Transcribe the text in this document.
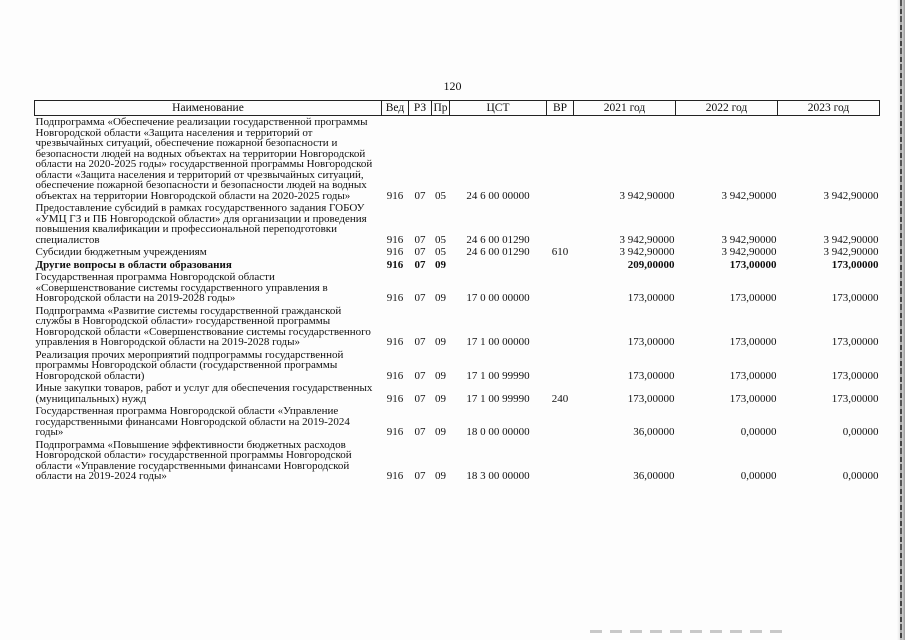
120
Наименование	Вед	РЗ	Пр	ЦСТ	ВР	2021 год	2022 год	2023 год
Подпрограмма «Обеспечение реализации государственной программы Новгородской области «Защита населения и территорий от чрезвычайных ситуаций, обеспечение пожарной безопасности и безопасности людей на водных объектах на территории Новгородской области на 2020-2025 годы» государственной программы Новгородской области «Защита населения и территорий от чрезвычайных ситуаций, обеспечение пожарной безопасности и безопасности людей на водных объектах на территории Новгородской области на 2020-2025 годы»	916	07	05	24 6 00 00000		3 942,90000	3 942,90000	3 942,90000
Предоставление субсидий в рамках государственного задания ГОБОУ «УМЦ ГЗ и ПБ Новгородской области» для организации и проведения повышения квалификации и профессиональной переподготовки специалистов	916	07	05	24 6 00 01290		3 942,90000	3 942,90000	3 942,90000
Субсидии бюджетным учреждениям	916	07	05	24 6 00 01290	610	3 942,90000	3 942,90000	3 942,90000
Другие вопросы в области образования	916	07	09			209,00000	173,00000	173,00000
Государственная программа Новгородской области «Совершенствование системы государственного управления в Новгородской области на 2019-2028 годы»	916	07	09	17 0 00 00000		173,00000	173,00000	173,00000
Подпрограмма «Развитие системы государственной гражданской службы в Новгородской области» государственной программы Новгородской области «Совершенствование системы государственного управления в Новгородской области на 2019-2028 годы»	916	07	09	17 1 00 00000		173,00000	173,00000	173,00000
Реализация прочих мероприятий подпрограммы государственной программы Новгородской области (государственной программы Новгородской области)	916	07	09	17 1 00 99990		173,00000	173,00000	173,00000
Иные закупки товаров, работ и услуг для обеспечения государственных (муниципальных) нужд	916	07	09	17 1 00 99990	240	173,00000	173,00000	173,00000
Государственная программа Новгородской области «Управление государственными финансами Новгородской области на 2019-2024 годы»	916	07	09	18 0 00 00000		36,00000	0,00000	0,00000
Подпрограмма «Повышение эффективности бюджетных расходов Новгородской области» государственной программы Новгородской области «Управление государственными финансами Новгородской области на 2019-2024 годы»	916	07	09	18 3 00 00000		36,00000	0,00000	0,00000
